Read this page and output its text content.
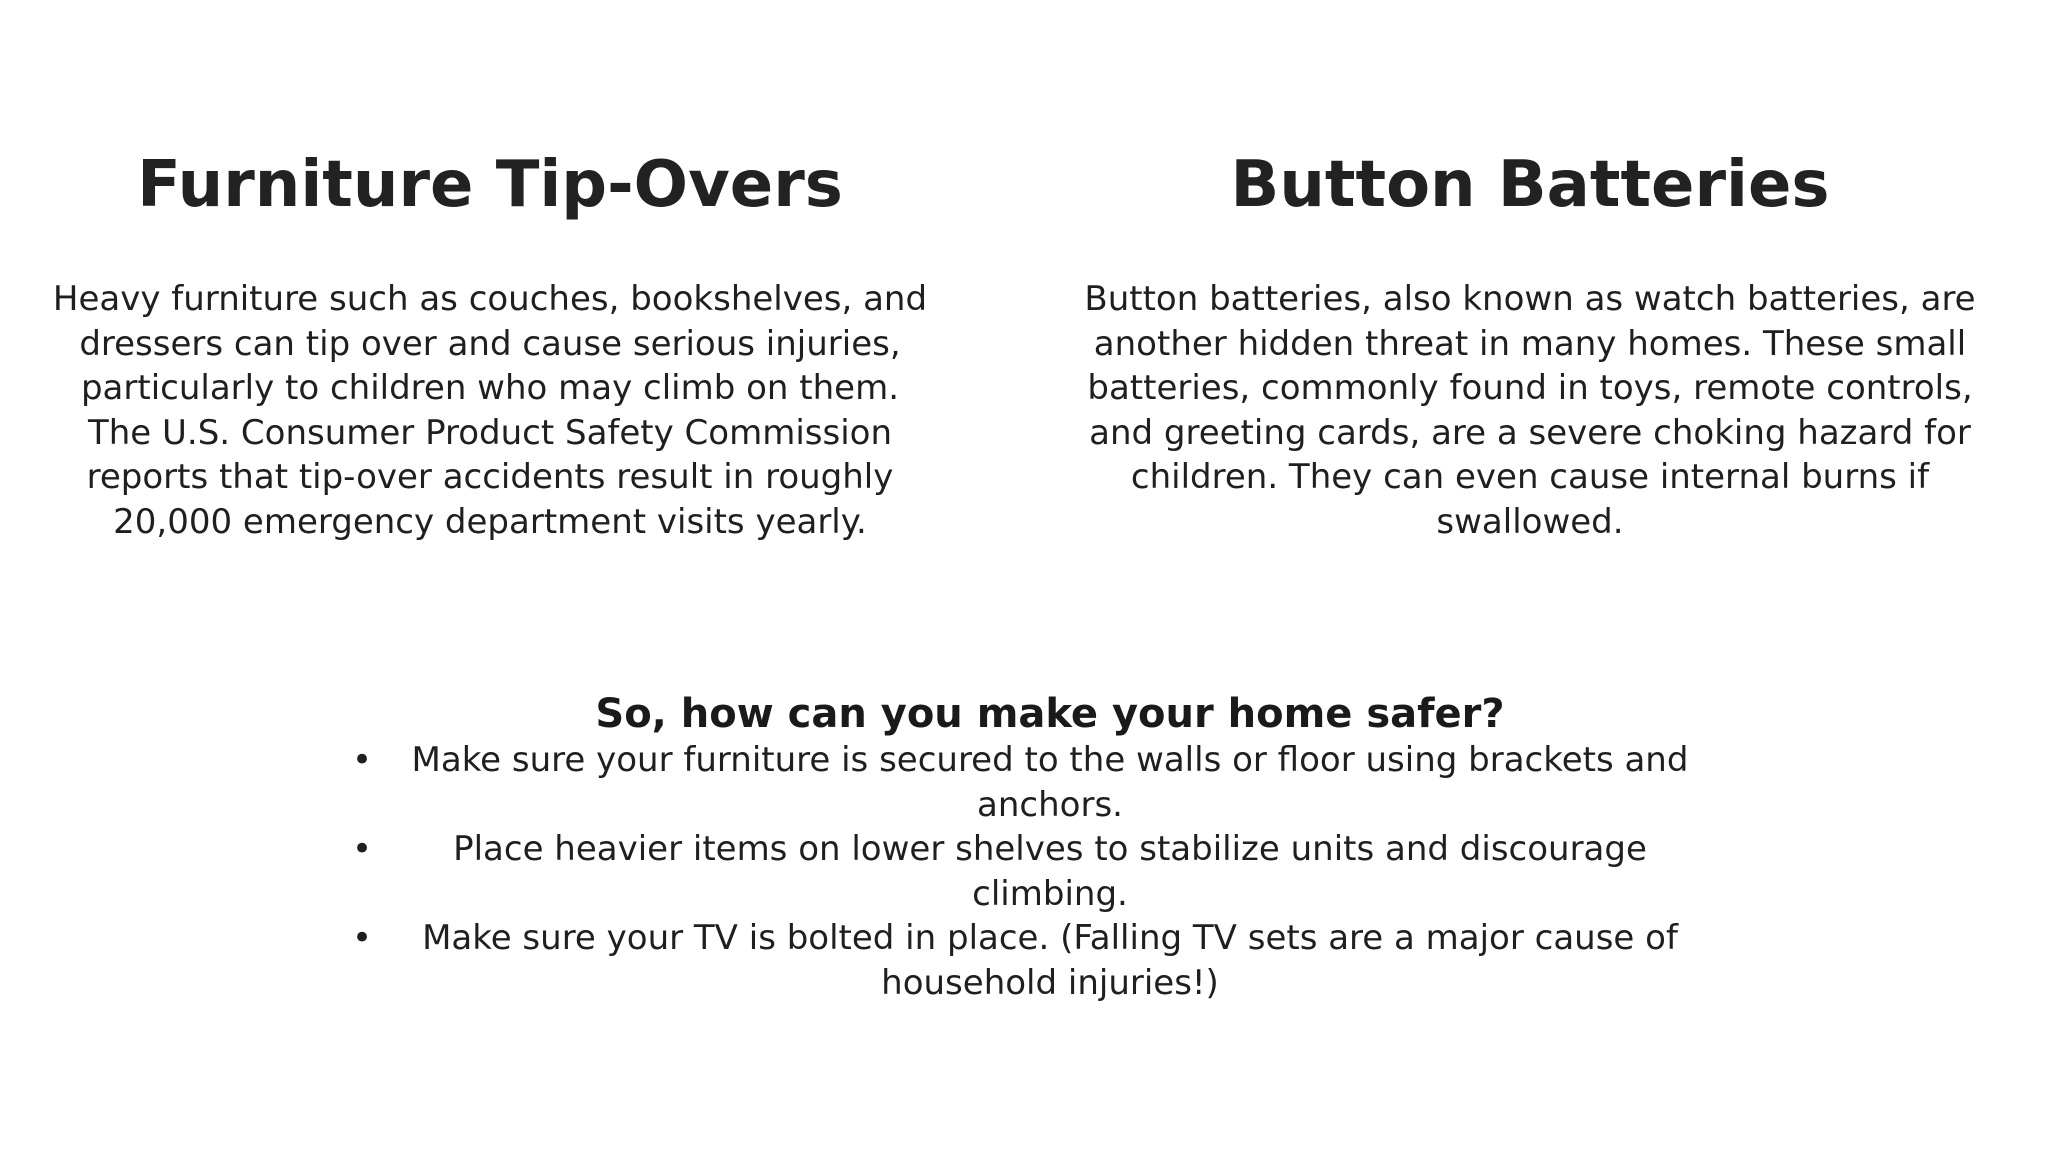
Furniture Tip-Overs

Heavy furniture such as couches, bookshelves, and dressers can tip over and cause serious injuries, particularly to children who may climb on them. The U.S. Consumer Product Safety Commission reports that tip-over accidents result in roughly 20,000 emergency department visits yearly.

Button Batteries

Button batteries, also known as watch batteries, are another hidden threat in many homes. These small batteries, commonly found in toys, remote controls, and greeting cards, are a severe choking hazard for children. They can even cause internal burns if swallowed.

So, how can you make your home safer?
• Make sure your furniture is secured to the walls or floor using brackets and anchors.
• Place heavier items on lower shelves to stabilize units and discourage climbing.
• Make sure your TV is bolted in place. (Falling TV sets are a major cause of household injuries!)
